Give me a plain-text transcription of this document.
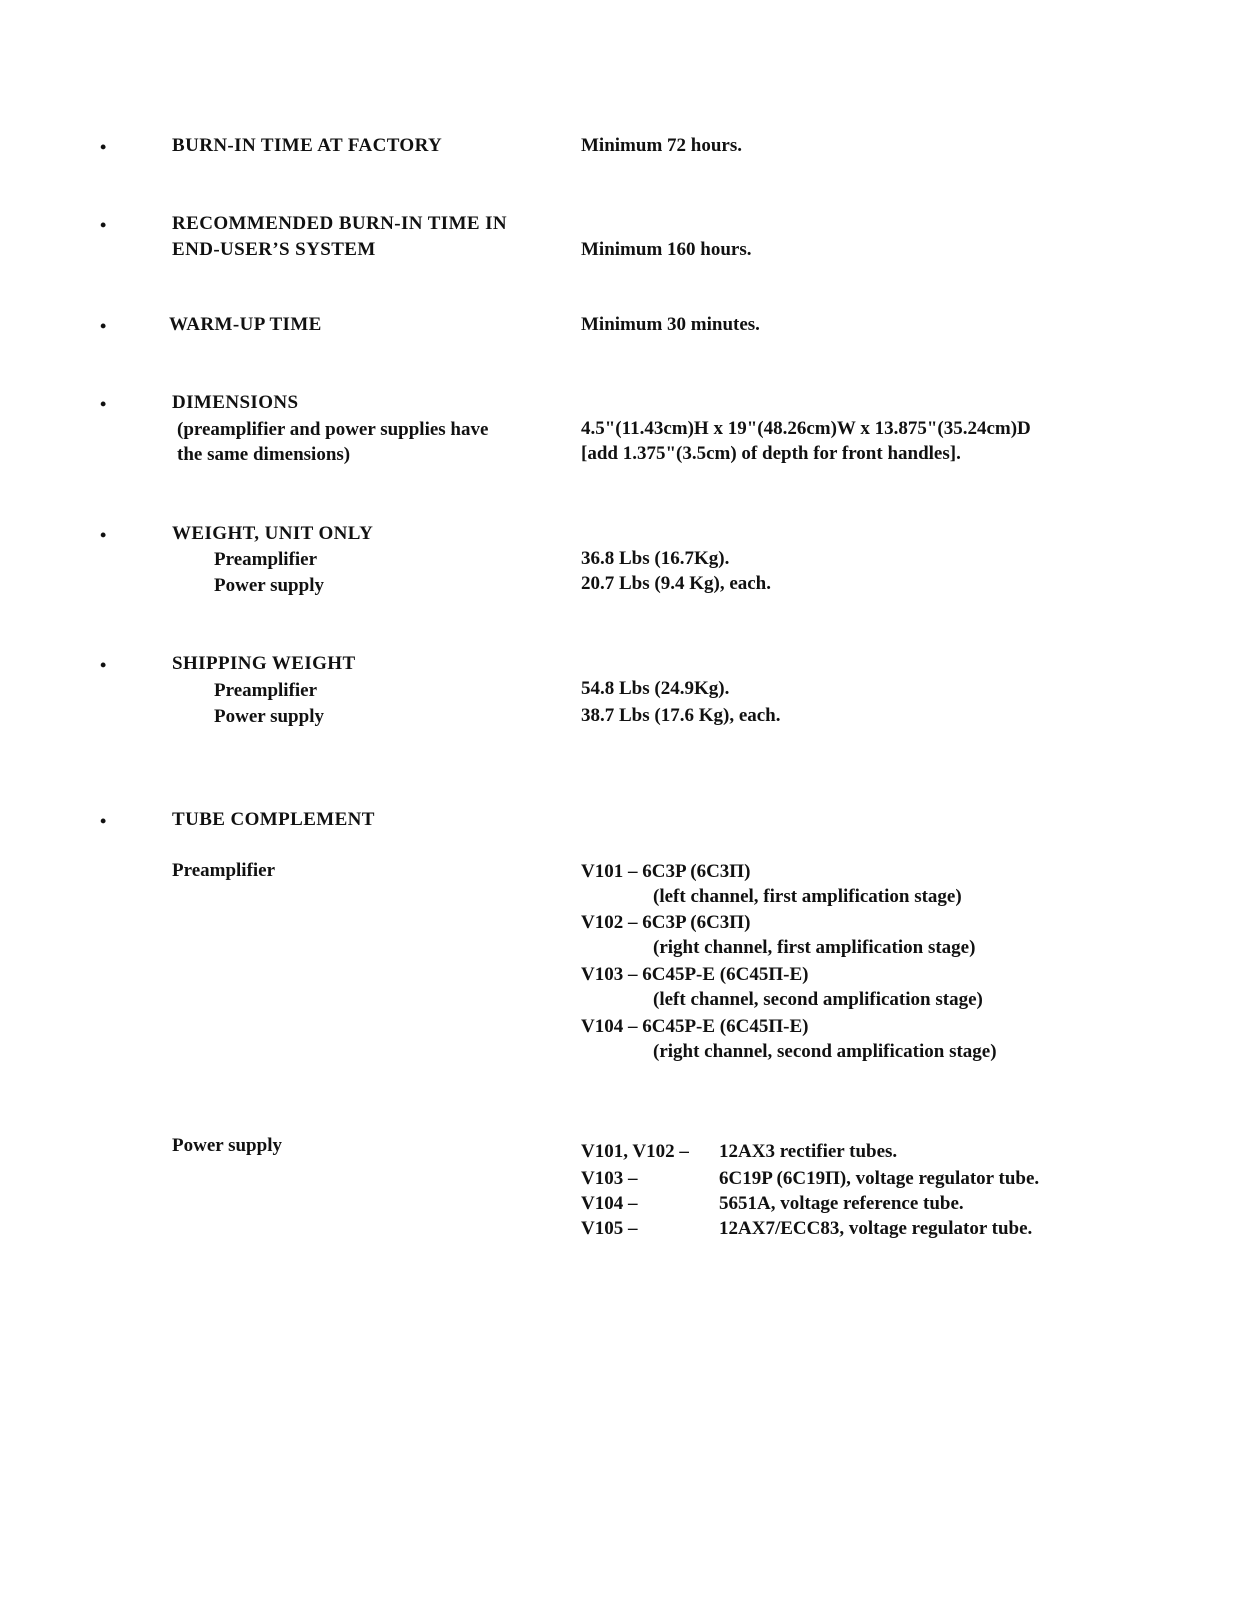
•	BURN-IN TIME AT FACTORY	Minimum 72 hours.
•	RECOMMENDED BURN-IN TIME IN
END-USER’S SYSTEM	Minimum 160 hours.
•	WARM-UP TIME	Minimum 30 minutes.
•	DIMENSIONS
(preamplifier and power supplies have
the same dimensions)
4.5"(11.43cm)H x 19"(48.26cm)W x 13.875"(35.24cm)D
[add 1.375"(3.5cm) of depth for front handles].
•	WEIGHT, UNIT ONLY
Preamplifier	36.8 Lbs (16.7Kg).
Power supply	20.7 Lbs (9.4 Kg), each.
•	SHIPPING WEIGHT
Preamplifier	54.8 Lbs (24.9Kg).
Power supply	38.7 Lbs (17.6 Kg), each.
•	TUBE COMPLEMENT
Preamplifier	V101 – 6C3P (6C3П)
(left channel, first amplification stage)
V102 – 6C3P (6C3П)
(right channel, first amplification stage)
V103 – 6C45P-E (6C45П-E)
(left channel, second amplification stage)
V104 – 6C45P-E (6C45П-E)
(right channel, second amplification stage)
Power supply	V101, V102 – 12AX3 rectifier tubes.
V103 –	6C19P (6C19П), voltage regulator tube.
V104 –	5651A, voltage reference tube.
V105 –	12AX7/ECC83, voltage regulator tube.
